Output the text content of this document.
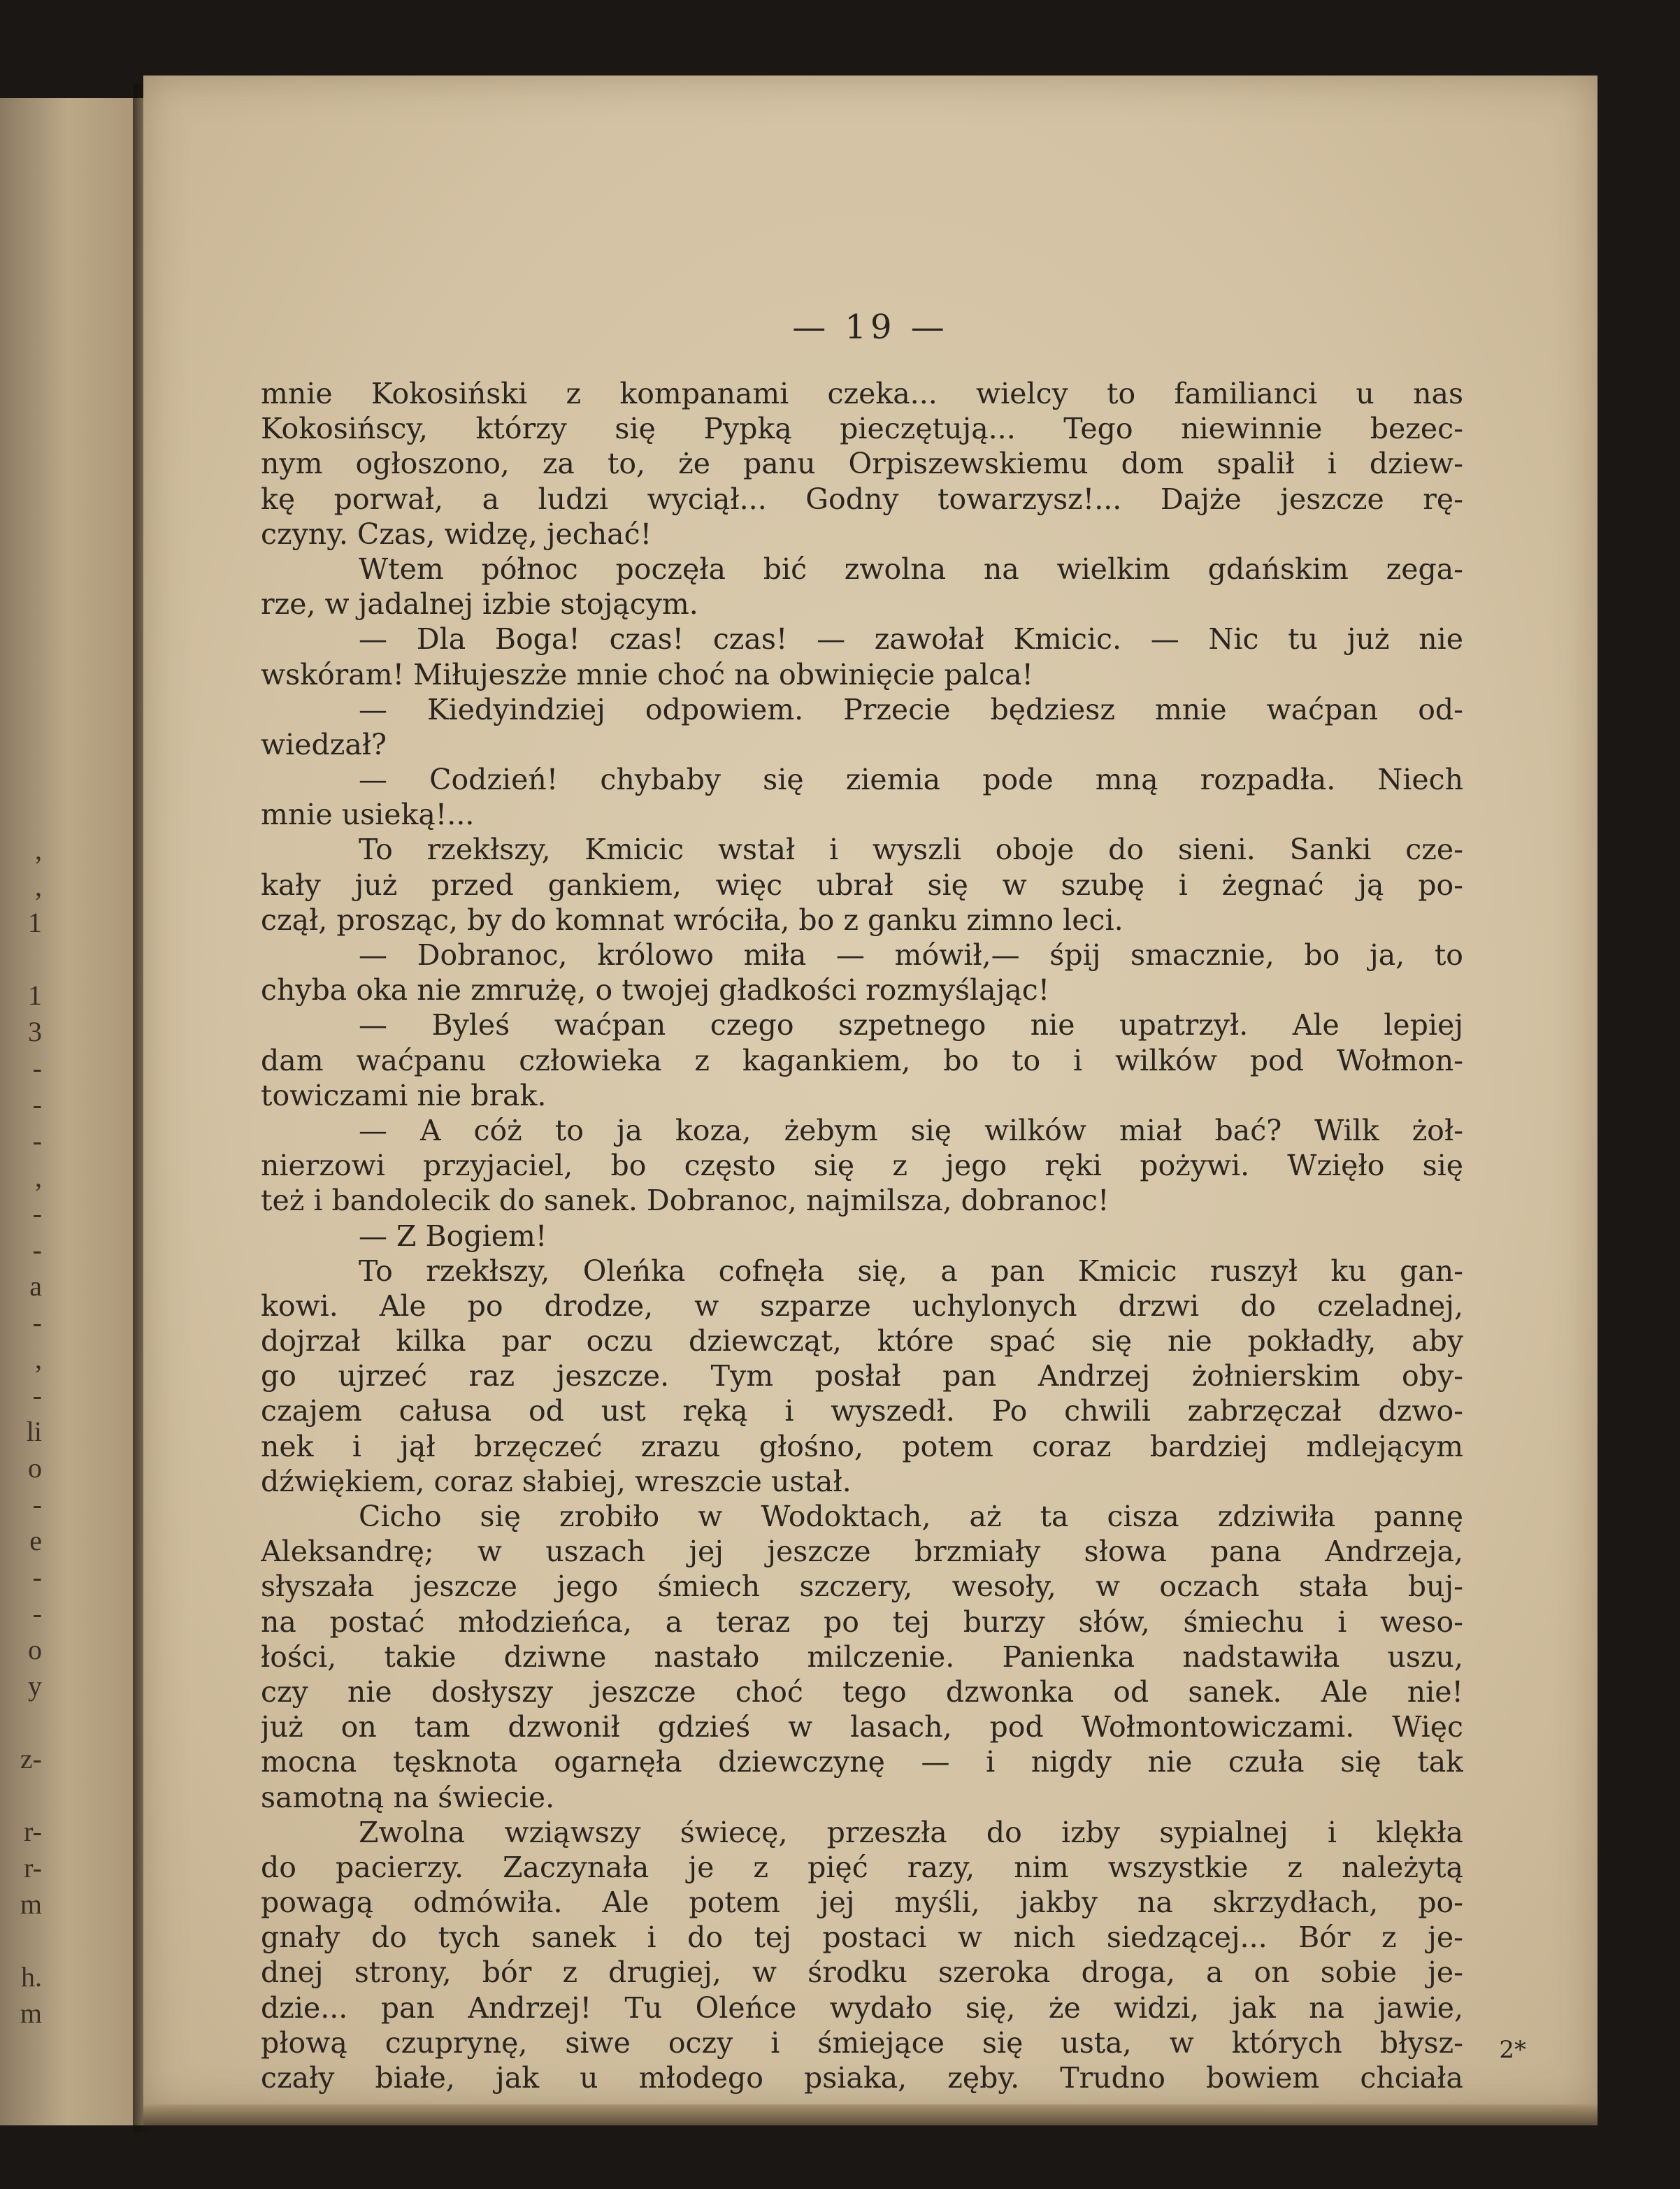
,
,
1
1
3
-
-
-
,
-
-
a
-
,
-
li
o
-
e
-
-
o
y
z-
r-
r-
m
h.
m
— 19 —
mnie Kokosiński z kompanami czeka... wielcy to familianci u nas
Kokosińscy, którzy się Pypką pieczętują... Tego niewinnie bezec-
nym ogłoszono, za to, że panu Orpiszewskiemu dom spalił i dziew-
kę porwał, a ludzi wyciął... Godny towarzysz!... Dajże jeszcze rę-
czyny. Czas, widzę, jechać!
Wtem północ poczęła bić zwolna na wielkim gdańskim zega-
rze, w jadalnej izbie stojącym.
— Dla Boga! czas! czas! — zawołał Kmicic. — Nic tu już nie
wskóram! Miłujeszże mnie choć na obwinięcie palca!
— Kiedyindziej odpowiem. Przecie będziesz mnie waćpan od-
wiedzał?
— Codzień! chybaby się ziemia pode mną rozpadła. Niech
mnie usieką!...
To rzekłszy, Kmicic wstał i wyszli oboje do sieni. Sanki cze-
kały już przed gankiem, więc ubrał się w szubę i żegnać ją po-
czął, prosząc, by do komnat wróciła, bo z ganku zimno leci.
— Dobranoc, królowo miła — mówił,— śpij smacznie, bo ja, to
chyba oka nie zmrużę, o twojej gładkości rozmyślając!
— Byleś waćpan czego szpetnego nie upatrzył. Ale lepiej
dam waćpanu człowieka z kagankiem, bo to i wilków pod Wołmon-
towiczami nie brak.
— A cóż to ja koza, żebym się wilków miał bać? Wilk żoł-
nierzowi przyjaciel, bo często się z jego ręki pożywi. Wzięło się
też i bandolecik do sanek. Dobranoc, najmilsza, dobranoc!
— Z Bogiem!
To rzekłszy, Oleńka cofnęła się, a pan Kmicic ruszył ku gan-
kowi. Ale po drodze, w szparze uchylonych drzwi do czeladnej,
dojrzał kilka par oczu dziewcząt, które spać się nie pokładły, aby
go ujrzeć raz jeszcze. Tym posłał pan Andrzej żołnierskim oby-
czajem całusa od ust ręką i wyszedł. Po chwili zabrzęczał dzwo-
nek i jął brzęczeć zrazu głośno, potem coraz bardziej mdlejącym
dźwiękiem, coraz słabiej, wreszcie ustał.
Cicho się zrobiło w Wodoktach, aż ta cisza zdziwiła pannę
Aleksandrę; w uszach jej jeszcze brzmiały słowa pana Andrzeja,
słyszała jeszcze jego śmiech szczery, wesoły, w oczach stała buj-
na postać młodzieńca, a teraz po tej burzy słów, śmiechu i weso-
łości, takie dziwne nastało milczenie. Panienka nadstawiła uszu,
czy nie dosłyszy jeszcze choć tego dzwonka od sanek. Ale nie!
już on tam dzwonił gdzieś w lasach, pod Wołmontowiczami. Więc
mocna tęsknota ogarnęła dziewczynę — i nigdy nie czuła się tak
samotną na świecie.
Zwolna wziąwszy świecę, przeszła do izby sypialnej i klękła
do pacierzy. Zaczynała je z pięć razy, nim wszystkie z należytą
powagą odmówiła. Ale potem jej myśli, jakby na skrzydłach, po-
gnały do tych sanek i do tej postaci w nich siedzącej... Bór z je-
dnej strony, bór z drugiej, w środku szeroka droga, a on sobie je-
dzie... pan Andrzej! Tu Oleńce wydało się, że widzi, jak na jawie,
płową czuprynę, siwe oczy i śmiejące się usta, w których błysz-
czały białe, jak u młodego psiaka, zęby. Trudno bowiem chciała
2*
